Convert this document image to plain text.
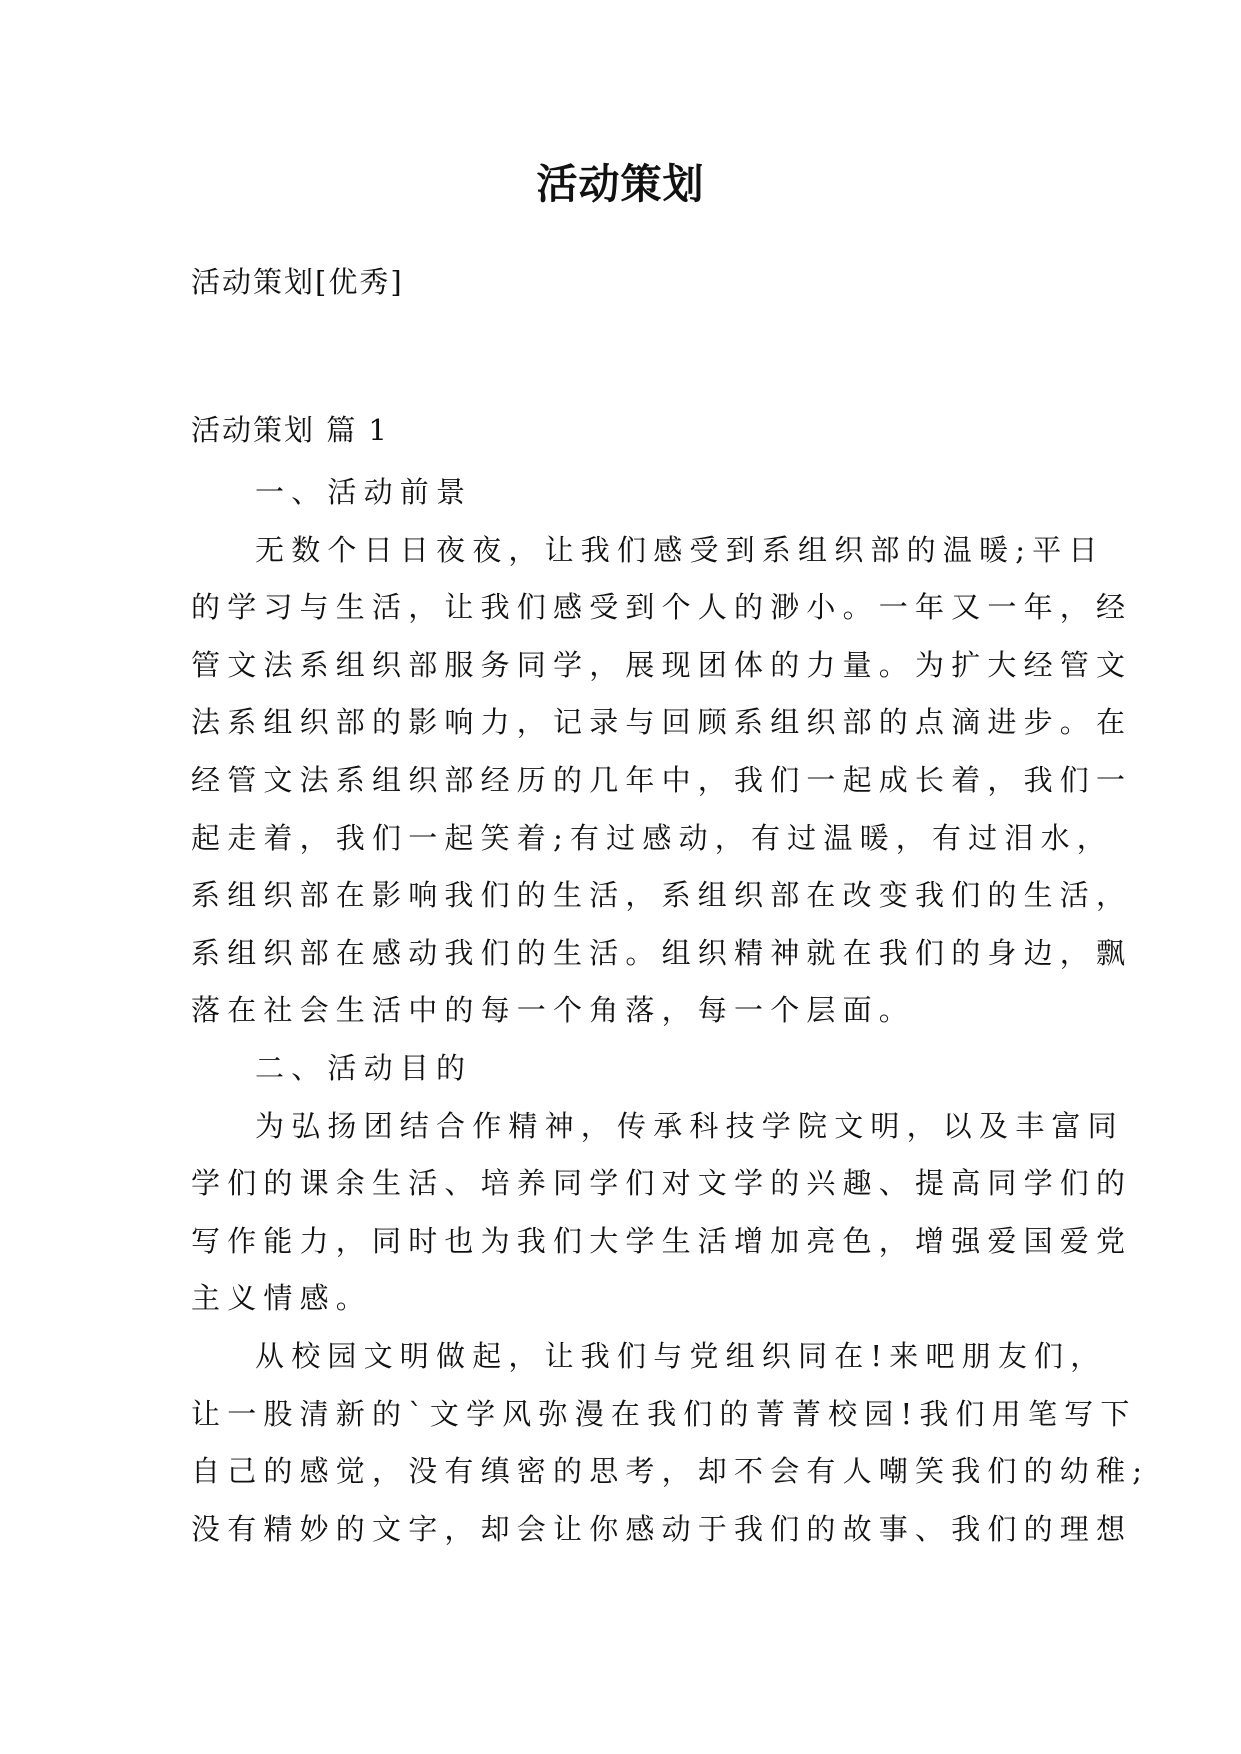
活动策划
活动策划[优秀]
活动策划 篇 1
一、活动前景
无数个日日夜夜，让我们感受到系组织部的温暖;平日
的学习与生活，让我们感受到个人的渺小。一年又一年，经
管文法系组织部服务同学，展现团体的力量。为扩大经管文
法系组织部的影响力，记录与回顾系组织部的点滴进步。在
经管文法系组织部经历的几年中，我们一起成长着，我们一
起走着，我们一起笑着;有过感动，有过温暖，有过泪水，
系组织部在影响我们的生活，系组织部在改变我们的生活，
系组织部在感动我们的生活。组织精神就在我们的身边，飘
落在社会生活中的每一个角落，每一个层面。
二、活动目的
为弘扬团结合作精神，传承科技学院文明，以及丰富同
学们的课余生活、培养同学们对文学的兴趣、提高同学们的
写作能力，同时也为我们大学生活增加亮色，增强爱国爱党
主义情感。
从校园文明做起，让我们与党组织同在!来吧朋友们，
让一股清新的`文学风弥漫在我们的菁菁校园!我们用笔写下
自己的感觉，没有缜密的思考，却不会有人嘲笑我们的幼稚;
没有精妙的文字，却会让你感动于我们的故事、我们的理想
